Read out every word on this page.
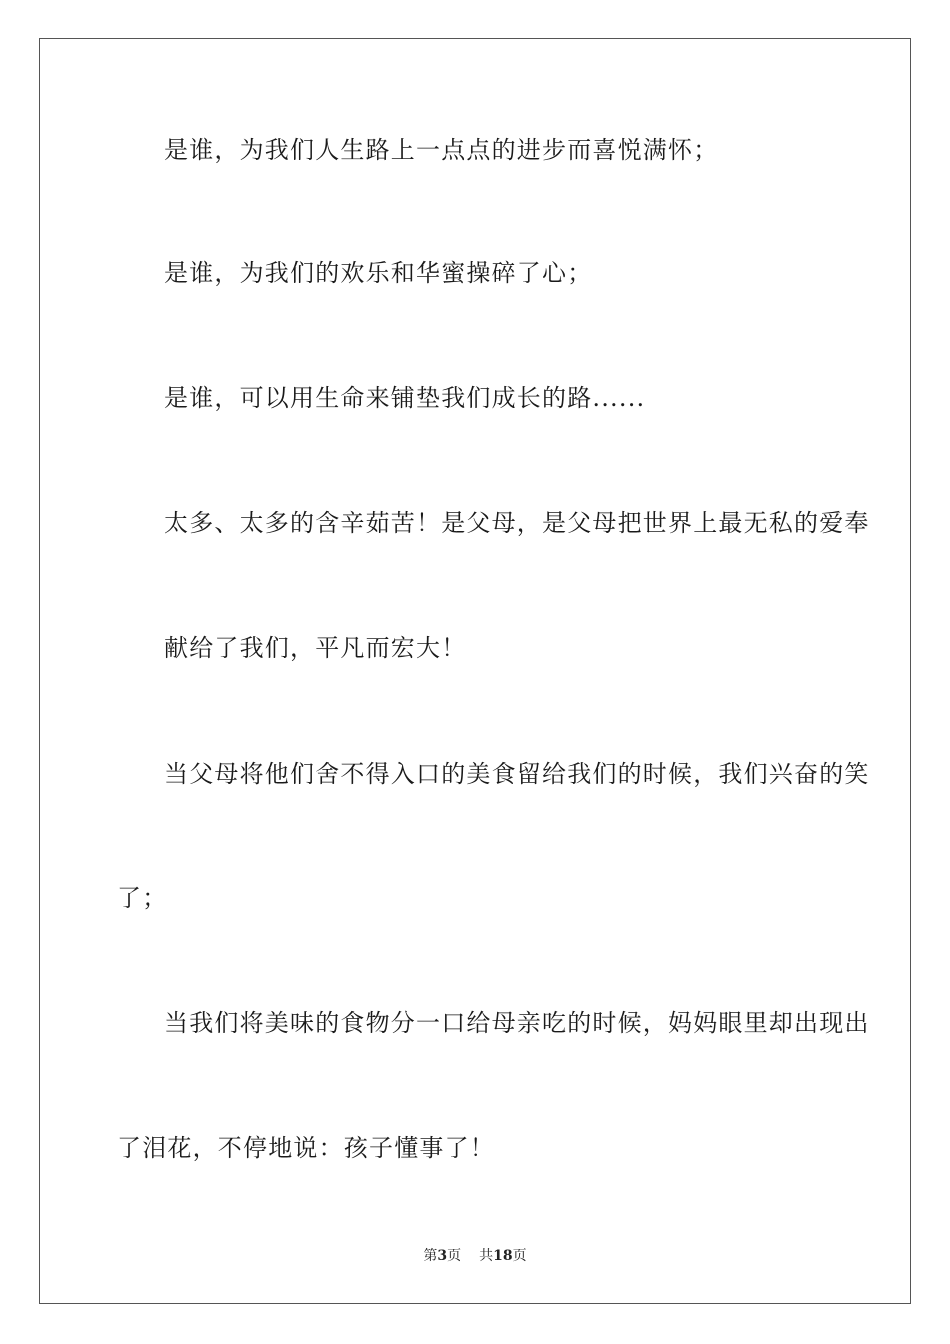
是谁，为我们人生路上一点点的进步而喜悦满怀；
是谁，为我们的欢乐和华蜜操碎了心；
是谁，可以用生命来铺垫我们成长的路......
太多、太多的含辛茹苦！是父母，是父母把世界上最无私的爱奉
献给了我们，平凡而宏大！
当父母将他们舍不得入口的美食留给我们的时候，我们兴奋的笑
了；
当我们将美味的食物分一口给母亲吃的时候，妈妈眼里却出现出
了泪花，不停地说：孩子懂事了！
第3页 共18页
